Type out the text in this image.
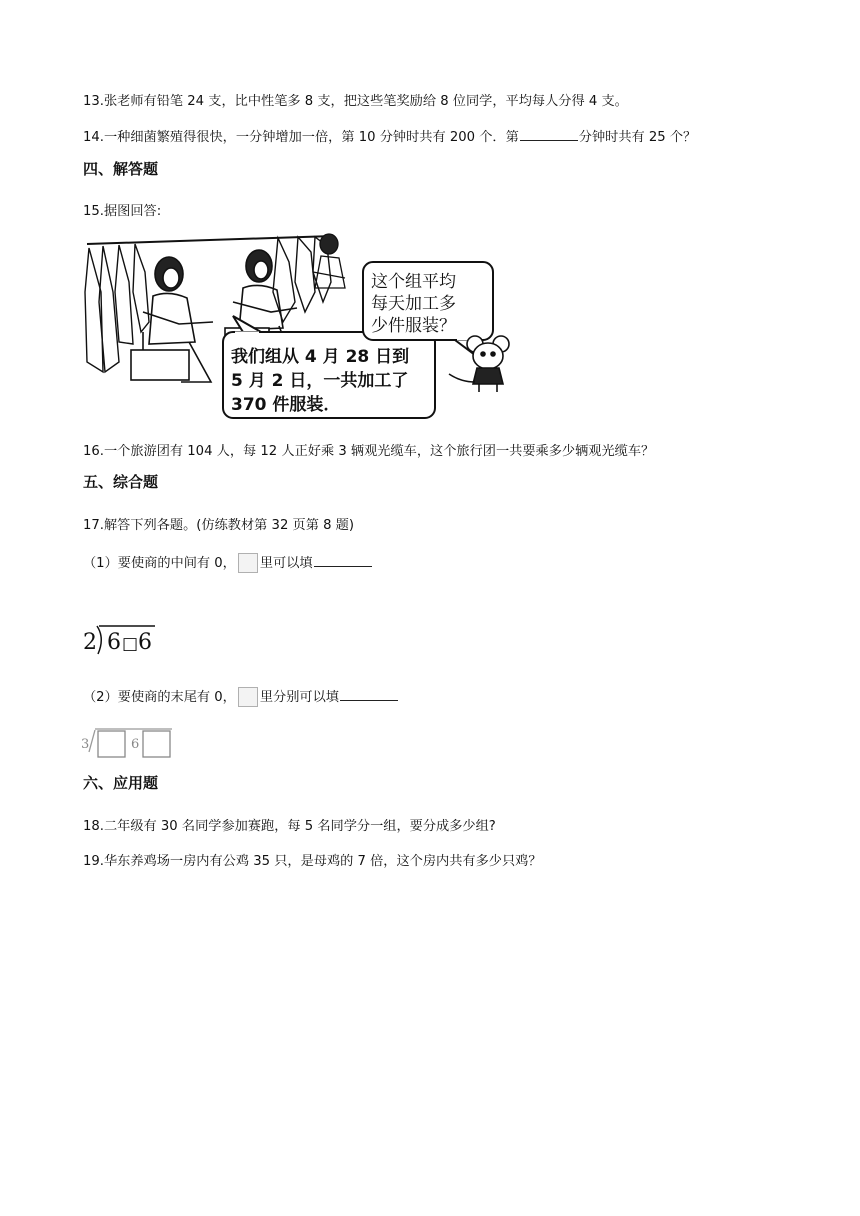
13.张老师有铅笔 24 支，比中性笔多 8 支，把这些笔奖励给 8 位同学，平均每人分得 4 支。
14.一种细菌繁殖得很快，一分钟增加一倍，第 10 分钟时共有 200 个．第	分钟时共有 25 个？
四、解答题
15.据图回答:
我们组从 4 月 28 日到
5 月 2 日，一共加工了
370 件服装．
这个组平均
每天加工多
少件服装？
16.一个旅游团有 104 人，每 12 人正好乘 3 辆观光缆车，这个旅行团一共要乘多少辆观光缆车？
五、综合题
17.解答下列各题。(仿练教材第 32 页第 8 题)
（1）要使商的中间有 0， 里可以填
2 6 □ 6
（2）要使商的末尾有 0， 里分别可以填
3	6
六、应用题
18.二年级有 30 名同学参加赛跑，每 5 名同学分一组，要分成多少组?
19.华东养鸡场一房内有公鸡 35 只，是母鸡的 7 倍，这个房内共有多少只鸡？
